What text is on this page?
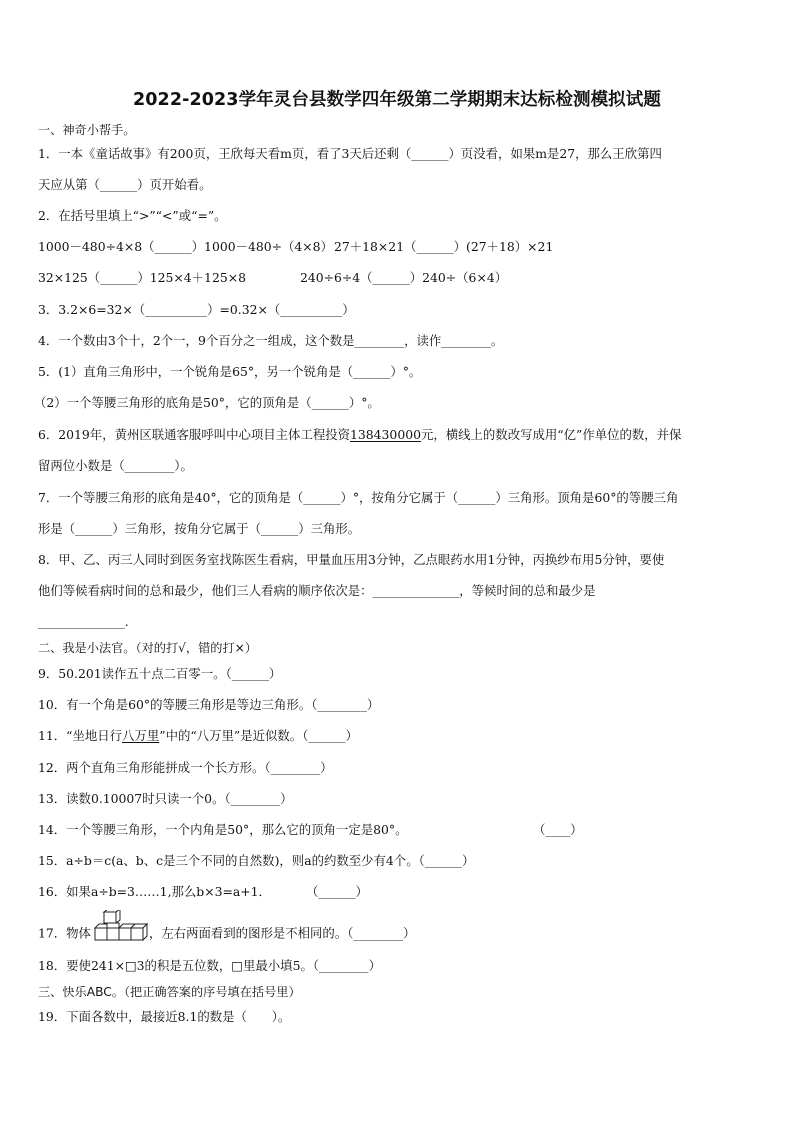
2022-2023学年灵台县数学四年级第二学期期末达标检测模拟试题
一、神奇小帮手。
1．一本《童话故事》有200页，王欣每天看m页，看了3天后还剩（______）页没看，如果m是27，那么王欣第四
天应从第（______）页开始看。
2．在括号里填上“>”“<”或“=”。
1000－480÷4×8（______）1000－480÷（4×8） 27＋18×21（______）(27＋18）×21
32×125（______）125×4＋125×8	240÷6÷4（______）240÷（6×4）
3．3.2×6=32×（__________）=0.32×（__________）
4．一个数由3个十，2个一，9个百分之一组成，这个数是________，读作________。
5．(1）直角三角形中，一个锐角是65°，另一个锐角是（______）°。
（2）一个等腰三角形的底角是50°，它的顶角是（______）°。
6．2019年，黄州区联通客服呼叫中心项目主体工程投资138430000元，横线上的数改写成用“亿”作单位的数，并保
留两位小数是（________）。
7．一个等腰三角形的底角是40°，它的顶角是（______）°，按角分它属于（______）三角形。顶角是60°的等腰三角
形是（______）三角形，按角分它属于（______）三角形。
8．甲、乙、丙三人同时到医务室找陈医生看病，甲量血压用3分钟，乙点眼药水用1分钟，丙换纱布用5分钟，要使
他们等候看病时间的总和最少，他们三人看病的顺序依次是：______________，等候时间的总和最少是
______________.
二、我是小法官。（对的打√，错的打×）
9．50.201读作五十点二百零一。（______）
10．有一个角是60°的等腰三角形是等边三角形。（________）
11．“坐地日行八万里”中的“八万里”是近似数。（______）
12．两个直角三角形能拼成一个长方形。（________）
13．读数0.10007时只读一个0。（________）
14．一个等腰三角形，一个内角是50°，那么它的顶角一定是80°。	（____）
15．a÷b＝c(a、b、c是三个不同的自然数)，则a的约数至少有4个。（______）
16．如果a÷b=3……1,那么b×3=a+1．	（______）
17．物体	，左右两面看到的图形是不相同的。（________）
18．要使241×□3的积是五位数，□里最小填5。（________）
三、快乐ABC。（把正确答案的序号填在括号里）
19．下面各数中，最接近8.1的数是（　　）。
